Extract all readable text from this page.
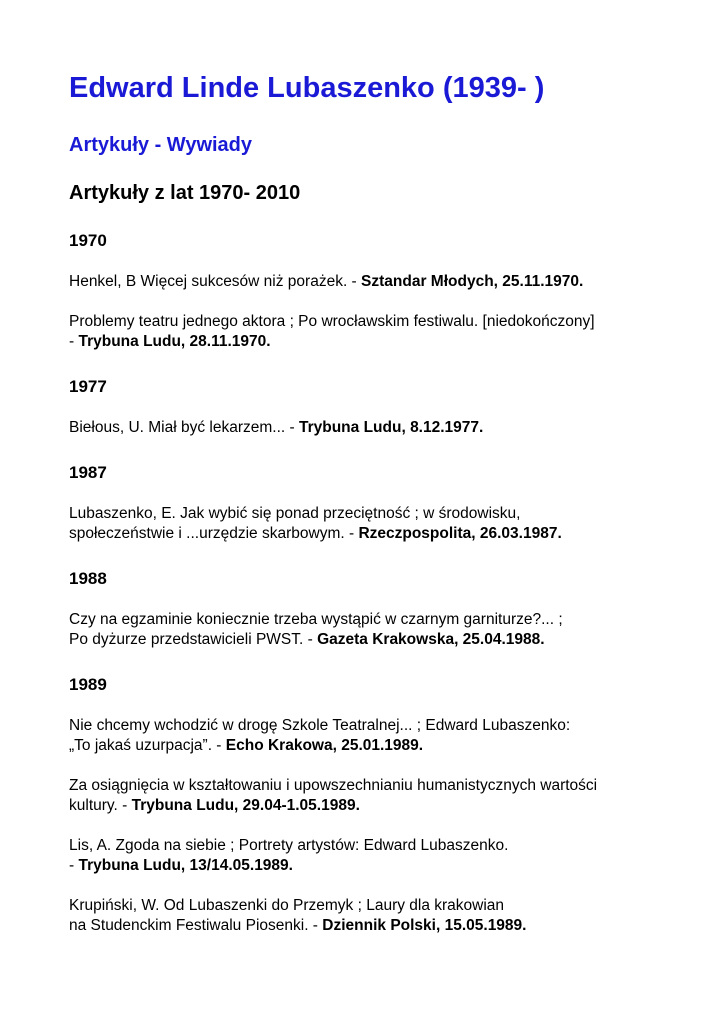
Edward Linde Lubaszenko (1939- )
Artykuły - Wywiady
Artykuły z lat 1970- 2010
1970

Henkel, B Więcej sukcesów niż porażek. - Sztandar Młodych, 25.11.1970.

Problemy teatru jednego aktora ; Po wrocławskim festiwalu. [niedokończony]
- Trybuna Ludu, 28.11.1970.

1977

Biełous, U. Miał być lekarzem... - Trybuna Ludu, 8.12.1977.

1987

Lubaszenko, E. Jak wybić się ponad przeciętność ; w środowisku,
społeczeństwie i ...urzędzie skarbowym. - Rzeczpospolita, 26.03.1987.

1988

Czy na egzaminie koniecznie trzeba wystąpić w czarnym garniturze?... ;
Po dyżurze przedstawicieli PWST. - Gazeta Krakowska, 25.04.1988.

1989

Nie chcemy wchodzić w drogę Szkole Teatralnej... ; Edward Lubaszenko:
„To jakaś uzurpacja”. - Echo Krakowa, 25.01.1989.

Za osiągnięcia w kształtowaniu i upowszechnianiu humanistycznych wartości
kultury. - Trybuna Ludu, 29.04-1.05.1989.

Lis, A. Zgoda na siebie ; Portrety artystów: Edward Lubaszenko.
- Trybuna Ludu, 13/14.05.1989.

Krupiński, W. Od Lubaszenki do Przemyk ; Laury dla krakowian
na Studenckim Festiwalu Piosenki. - Dziennik Polski, 15.05.1989.
